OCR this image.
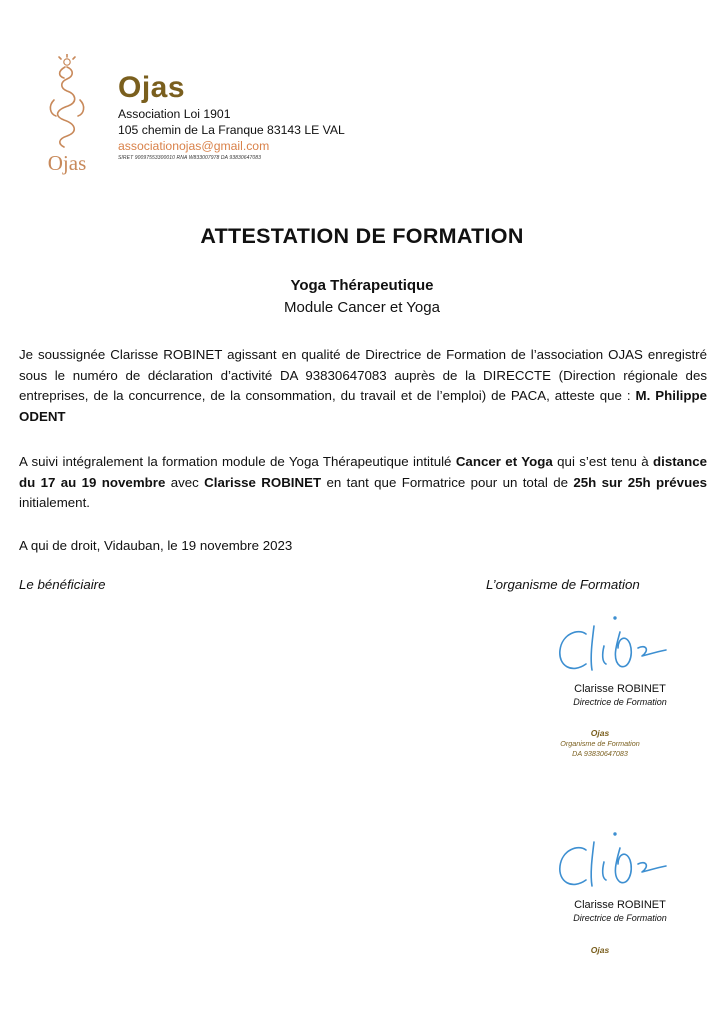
Ojas
Ojas
Association Loi 1901
105 chemin de La Franque 83143 LE VAL
associationojas@gmail.com
SIRET 90097553300010 RNA W833007978 DA 93830647083
ATTESTATION DE FORMATION
Yoga Thérapeutique
Module Cancer et Yoga
Je soussignée Clarisse ROBINET agissant en qualité de Directrice de Formation de l’association OJAS enregistré sous le numéro de déclaration d’activité DA 93830647083 auprès de la DIRECCTE (Direction régionale des entreprises, de la concurrence, de la consommation, du travail et de l’emploi) de PACA, atteste que : M. Philippe ODENT
A suivi intégralement la formation module de Yoga Thérapeutique intitulé Cancer et Yoga qui s’est tenu à distance du 17 au 19 novembre avec Clarisse ROBINET en tant que Formatrice pour un total de 25h sur 25h prévues initialement.
A qui de droit, Vidauban, le 19 novembre 2023
Le bénéficiaire	L’organisme de Formation
Clarisse ROBINET
Directrice de Formation
Ojas
Organisme de Formation
DA 93830647083
Clarisse ROBINET
Directrice de Formation
Ojas
